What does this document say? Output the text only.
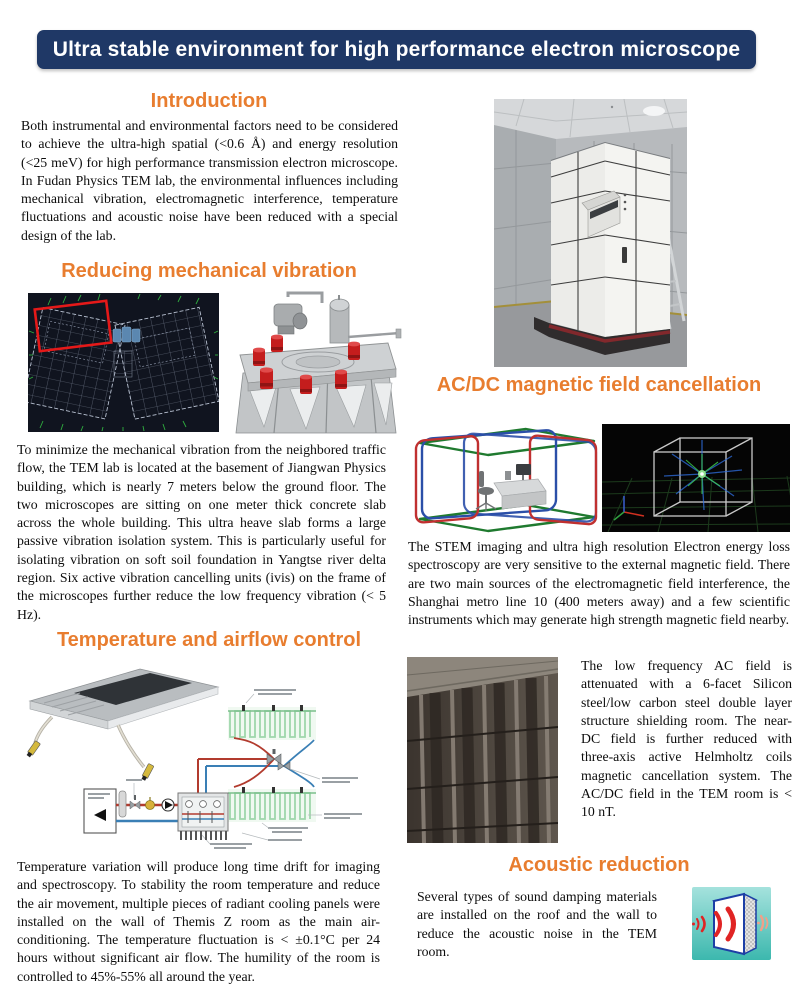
Ultra stable environment for high performance electron microscope
Introduction
Both instrumental and environmental factors need to be considered to achieve the ultra-high spatial (<0.6 Å) and energy resolution (<25 meV) for high performance transmission electron microscope. In Fudan Physics TEM lab, the environmental influences including mechanical vibration, electromagnetic interference, temperature fluctuations and acoustic noise have been reduced with a special design of the lab.
Reducing mechanical vibration
To minimize the mechanical vibration from the neighbored traffic flow, the TEM lab is located at the basement of Jiangwan Physics building, which is nearly 7 meters below the ground floor. The two microscopes are sitting on one meter thick concrete slab across the whole building. This ultra heave slab forms a large passive vibration isolation system. This is particularly useful for isolating vibration on soft soil foundation in Yangtse river delta region. Six active vibration cancelling units (ivis) on the frame of the microscopes further reduce the low frequency vibration (< 5 Hz).
Temperature and airflow control
Temperature variation will produce long time drift for imaging and spectroscopy. To stability the room temperature and reduce the air movement, multiple pieces of radiant cooling panels were installed on the wall of Themis Z room as the main air-conditioning. The temperature fluctuation is < ±0.1°C per 24 hours without significant air flow. The humility of the room is controlled to 45%-55% all around the year.
AC/DC magnetic field cancellation
The STEM imaging and ultra high resolution Electron energy loss spectroscopy are very sensitive to the external magnetic field. There are two main sources of the electromagnetic field interference, the Shanghai metro line 10 (400 meters away) and a few scientific instruments which may generate high strength magnetic field nearby.
The low frequency AC field is attenuated with a 6-facet Silicon steel/low carbon steel double layer structure shielding room. The near-DC field is further reduced with three-axis active Helmholtz coils magnetic cancellation system. The AC/DC field in the TEM room is < 10 nT.
Acoustic reduction
Several types of sound damping materials are installed on the roof and the wall to reduce the acoustic noise in the TEM room.
